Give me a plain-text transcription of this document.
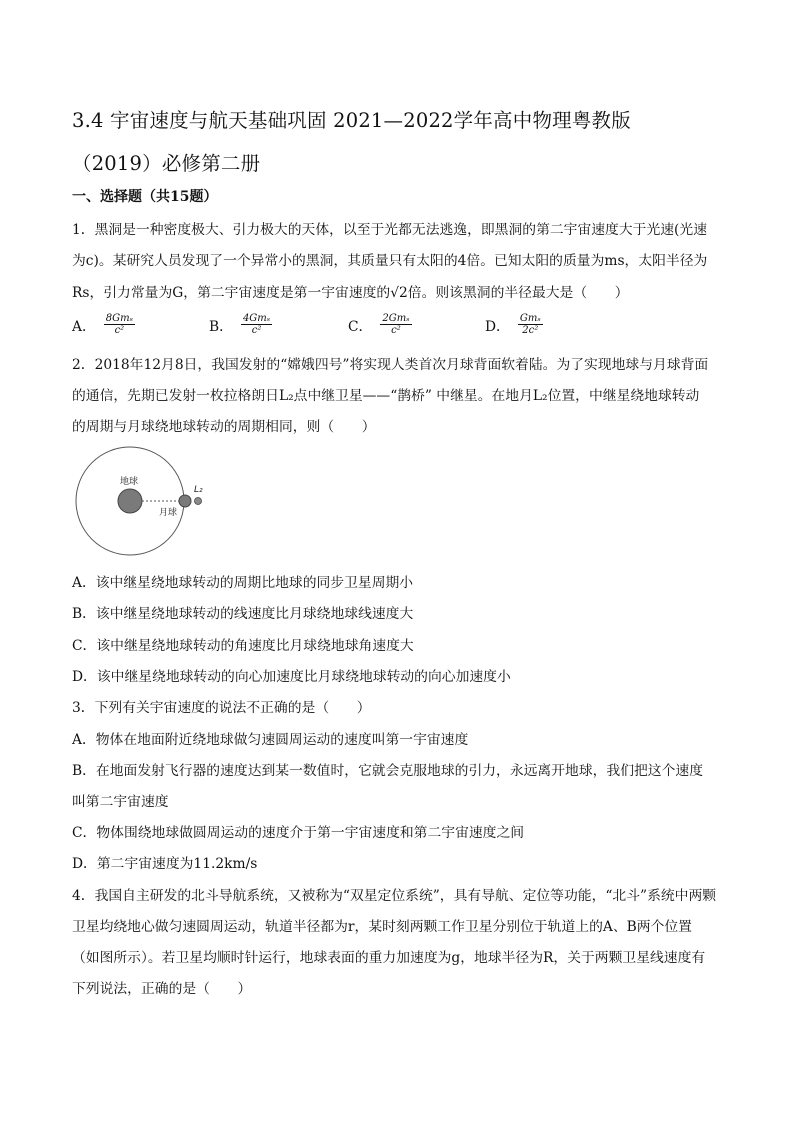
3.4 宇宙速度与航天基础巩固 2021—2022学年高中物理粤教版
（2019）必修第二册
一、选择题（共15题）
1．黑洞是一种密度极大、引力极大的天体，以至于光都无法逃逸，即黑洞的第二宇宙速度大于光速(光速
为c)。某研究人员发现了一个异常小的黑洞，其质量只有太阳的4倍。已知太阳的质量为ms，太阳半径为
Rs，引力常量为G，第二宇宙速度是第一宇宙速度的√2倍。则该黑洞的半径最大是（　　）
A． $\frac{\text{8Gmₛ}}{\text{c²}}$	B． $\frac{\text{4Gmₛ}}{\text{c²}}$	C． $\frac{\text{2Gmₛ}}{\text{c²}}$	D． $\frac{\text{Gmₛ}}{\text{2c²}}$
2．2018年12月8日，我国发射的“嫦娥四号”将实现人类首次月球背面软着陆。为了实现地球与月球背面
的通信，先期已发射一枚拉格朗日L₂点中继卫星——“鹊桥” 中继星。在地月L₂位置，中继星绕地球转动
的周期与月球绕地球转动的周期相同，则（　　）
地球
月球
L₂
A．该中继星绕地球转动的周期比地球的同步卫星周期小
B．该中继星绕地球转动的线速度比月球绕地球线速度大
C．该中继星绕地球转动的角速度比月球绕地球角速度大
D．该中继星绕地球转动的向心加速度比月球绕地球转动的向心加速度小
3．下列有关宇宙速度的说法不正确的是（　　）
A．物体在地面附近绕地球做匀速圆周运动的速度叫第一宇宙速度
B．在地面发射飞行器的速度达到某一数值时，它就会克服地球的引力，永远离开地球，我们把这个速度
叫第二宇宙速度
C．物体围绕地球做圆周运动的速度介于第一宇宙速度和第二宇宙速度之间
D．第二宇宙速度为11.2km/s
4．我国自主研发的北斗导航系统，又被称为“双星定位系统”，具有导航、定位等功能，“北斗”系统中两颗
卫星均绕地心做匀速圆周运动，轨道半径都为r，某时刻两颗工作卫星分别位于轨道上的A、B两个位置
（如图所示）。若卫星均顺时针运行，地球表面的重力加速度为g，地球半径为R，关于两颗卫星线速度有
下列说法，正确的是（　　）
